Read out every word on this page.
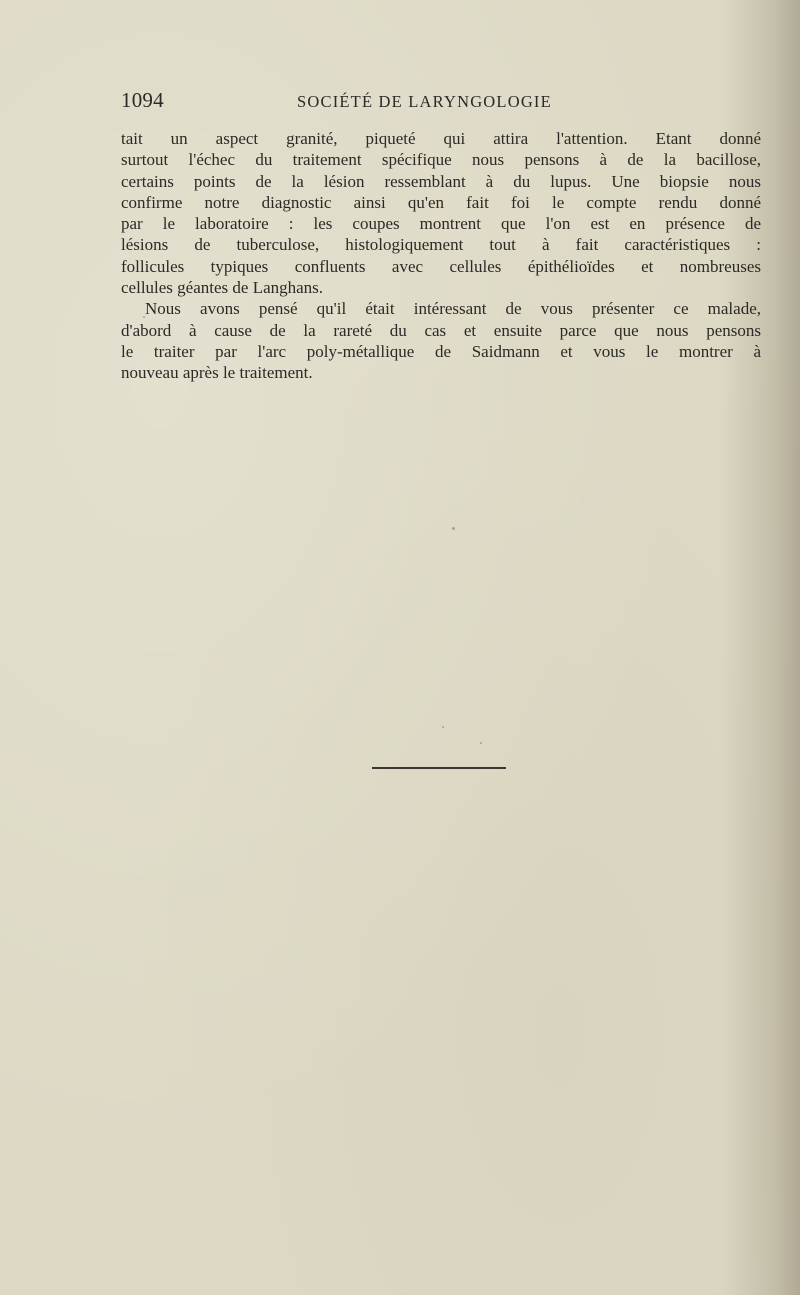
1094	SOCIÉTÉ DE LARYNGOLOGIE
tait un aspect granité, piqueté qui attira l'attention. Etant donné
surtout l'échec du traitement spécifique nous pensons à de la bacillose,
certains points de la lésion ressemblant à du lupus. Une biopsie nous
confirme notre diagnostic ainsi qu'en fait foi le compte rendu donné
par le laboratoire : les coupes montrent que l'on est en présence de
lésions de tuberculose, histologiquement tout à fait caractéristiques :
follicules typiques confluents avec cellules épithélioïdes et nombreuses
cellules géantes de Langhans.
Nous avons pensé qu'il était intéressant de vous présenter ce malade,
d'abord à cause de la rareté du cas et ensuite parce que nous pensons
le traiter par l'arc poly-métallique de Saidmann et vous le montrer à
nouveau après le traitement.
